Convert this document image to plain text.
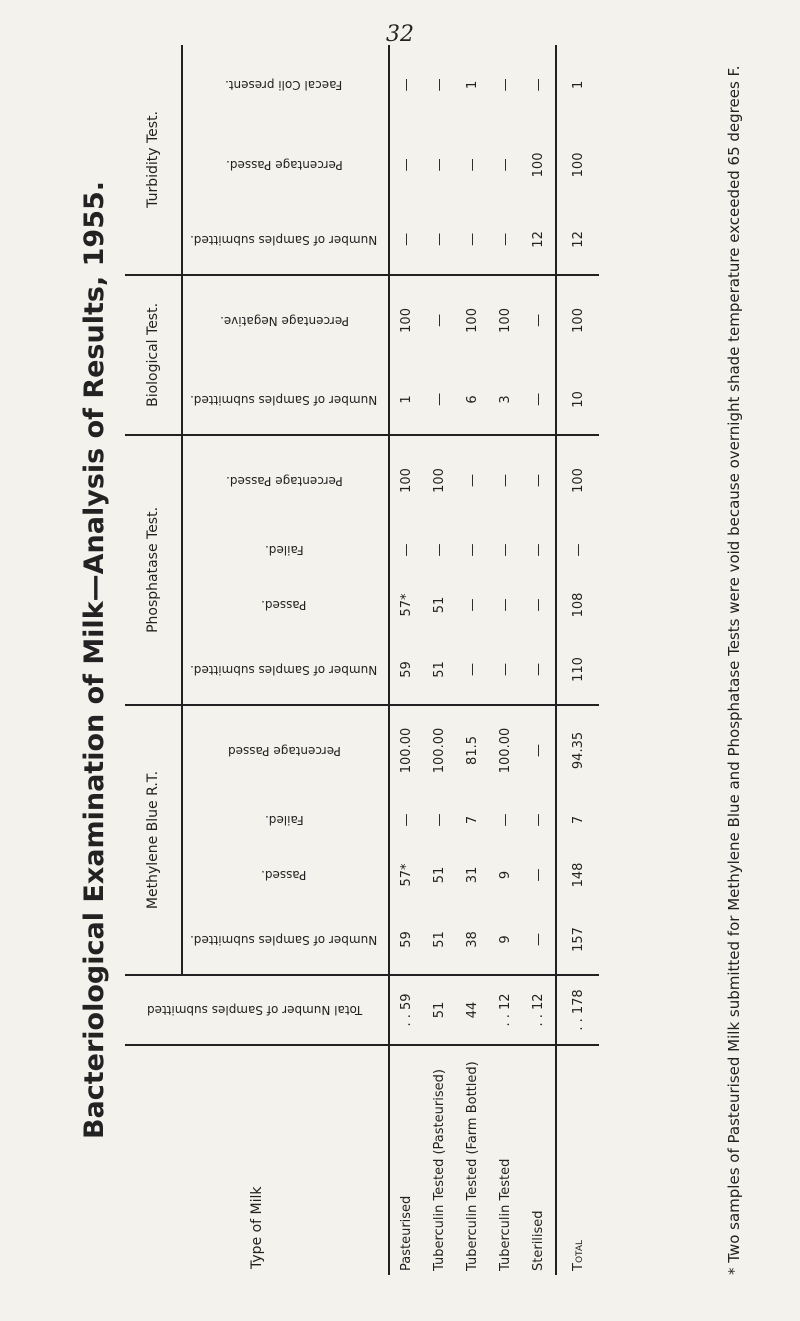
32
Bacteriological Examination of Milk—Analysis of Results, 1955.
Type of Milk	Total Number of Samples submitted	Methylene Blue R.T.				Phosphatase Test.				Biological Test.		Turbidity Test.		
		Number of Samples submitted.	Passed.	Failed.	Percentage Passed	Number of Samples submitted.	Passed.	Failed.	Percentage Passed.	Number of Samples submitted.	Percentage Negative.	Number of Samples submitted.	Percentage Passed.	Faecal Coli present.
Pasteurised	. . 59	59	57*	—	100.00	59	57*	—	100	1	100	—	—	—
Tuberculin Tested (Pasteurised)	51	51	51	—	100.00	51	51	—	100	—	—	—	—	—
Tuberculin Tested (Farm Bottled)	44	38	31	7	81.5	—	—	—	—	6	100	—	—	1
Tuberculin Tested	. . 12	9	9	—	100.00	—	—	—	—	3	100	—	—	—
Sterilised	. . 12	—	—	—	—	—	—	—	—	—	—	12	100	—
Total	. . 178	157	148	7	94.35	110	108	—	100	10	100	12	100	1	* Two samples of Pasteurised Milk submitted for Methylene Blue and Phosphatase Tests were void because overnight shade temperature exceeded 65 degrees F.
